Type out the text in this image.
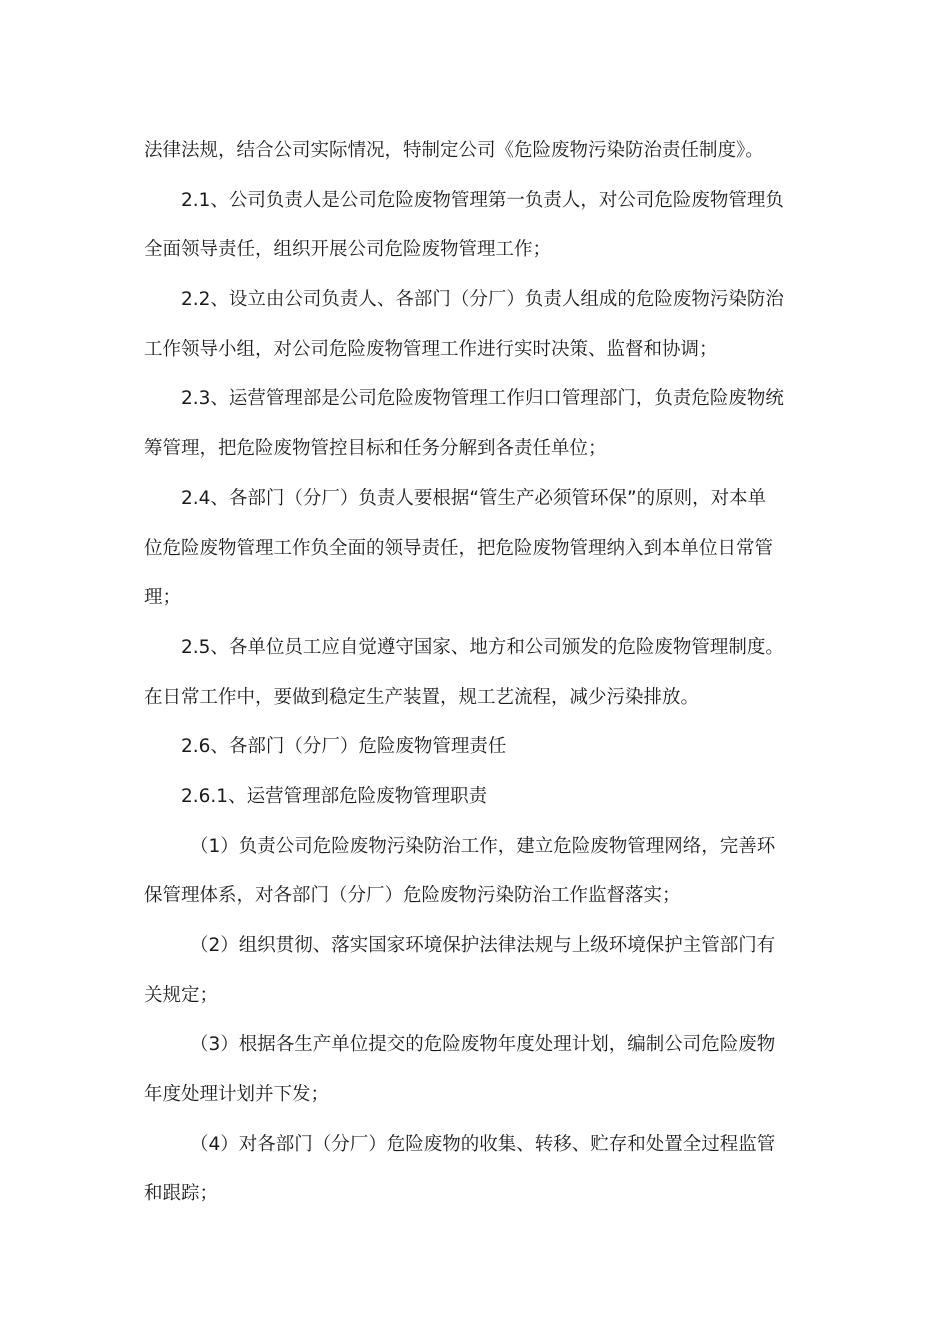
法律法规，结合公司实际情况，特制定公司《危险废物污染防治责任制度》。
2.1、公司负责人是公司危险废物管理第一负责人，对公司危险废物管理负
全面领导责任，组织开展公司危险废物管理工作；
2.2、设立由公司负责人、各部门（分厂）负责人组成的危险废物污染防治
工作领导小组，对公司危险废物管理工作进行实时决策、监督和协调；
2.3、运营管理部是公司危险废物管理工作归口管理部门，负责危险废物统
筹管理，把危险废物管控目标和任务分解到各责任单位；
2.4、各部门（分厂）负责人要根据“管生产必须管环保”的原则，对本单
位危险废物管理工作负全面的领导责任，把危险废物管理纳入到本单位日常管
理；
2.5、各单位员工应自觉遵守国家、地方和公司颁发的危险废物管理制度。
在日常工作中，要做到稳定生产装置，规工艺流程，减少污染排放。
2.6、各部门（分厂）危险废物管理责任
2.6.1、运营管理部危险废物管理职责
（1）负责公司危险废物污染防治工作，建立危险废物管理网络，完善环
保管理体系，对各部门（分厂）危险废物污染防治工作监督落实；
（2）组织贯彻、落实国家环境保护法律法规与上级环境保护主管部门有
关规定；
（3）根据各生产单位提交的危险废物年度处理计划，编制公司危险废物
年度处理计划并下发；
（4）对各部门（分厂）危险废物的收集、转移、贮存和处置全过程监管
和跟踪；
